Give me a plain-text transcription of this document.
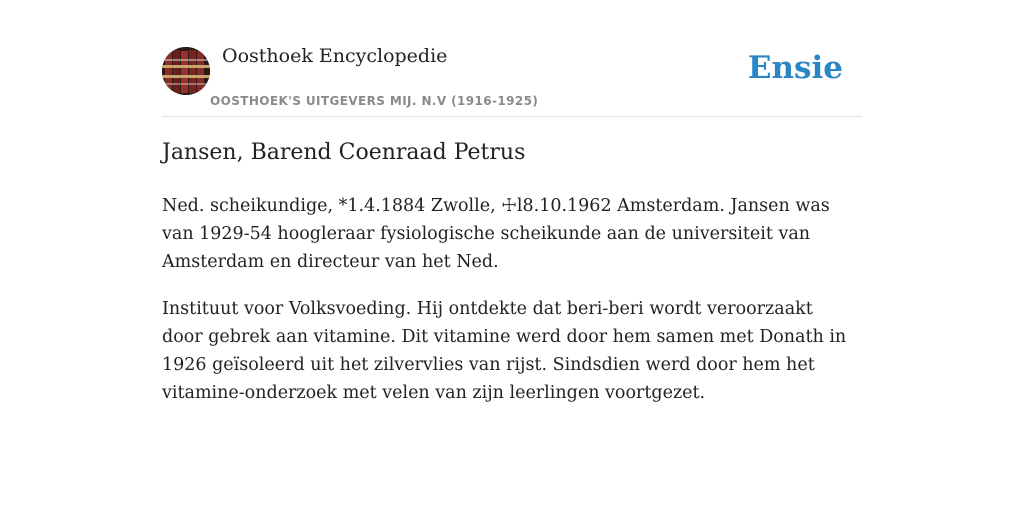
Oosthoek Encyclopedie
OOSTHOEK'S UITGEVERS MIJ. N.V (1916-1925)
Ensie
Jansen, Barend Coenraad Petrus

Ned. scheikundige, *1.4.1884 Zwolle, ☩l8.10.1962 Amsterdam. Jansen was van 1929-54 hoogleraar fysiologische scheikunde aan de universiteit van Amsterdam en directeur van het Ned.

Instituut voor Volksvoeding. Hij ontdekte dat beri-beri wordt veroorzaakt door gebrek aan vitamine. Dit vitamine werd door hem samen met Donath in 1926 geïsoleerd uit het zilvervlies van rijst. Sindsdien werd door hem het vitamine-onderzoek met velen van zijn leerlingen voortgezet.
